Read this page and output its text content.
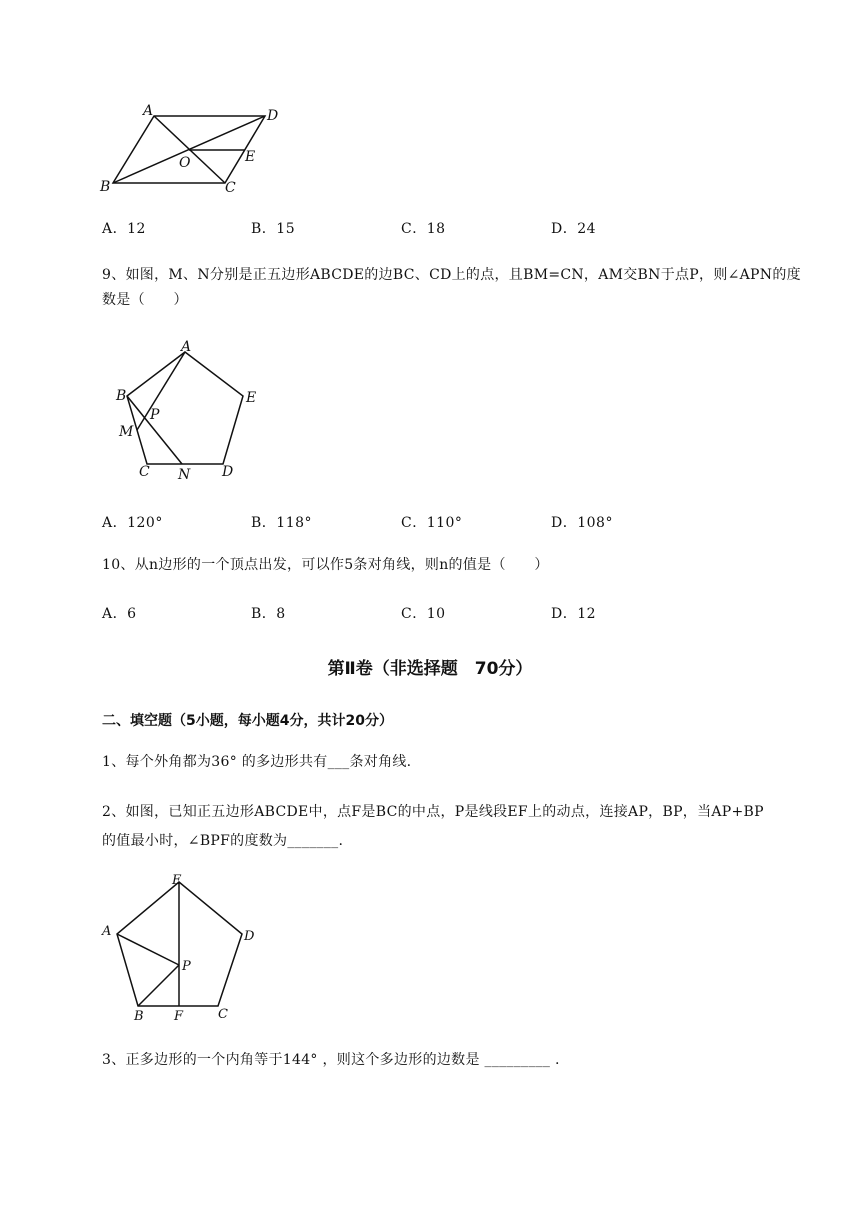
A	D
O	E
B	C
A．12	B．15	C．18	D．24
9、如图，M、N分别是正五边形ABCDE的边BC、CD上的点，且BM=CN，AM交BN于点P，则∠APN的度
数是（　　）
A
B	E
P
M
C N D
A．120°	B．118°	C．110°	D．108°
10、从n边形的一个顶点出发，可以作5条对角线，则n的值是（　　）
A．6	B．8	C．10	D．12
第Ⅱ卷（非选择题　70分）
二、填空题（5小题，每小题4分，共计20分）
1、每个外角都为36° 的多边形共有___条对角线.
2、如图，已知正五边形ABCDE中，点F是BC的中点，P是线段EF上的动点，连接AP，BP，当AP+BP
的值最小时，∠BPF的度数为_______.
E
A	D
P
B F	C
3、正多边形的一个内角等于144° ，则这个多边形的边数是 _________ .
